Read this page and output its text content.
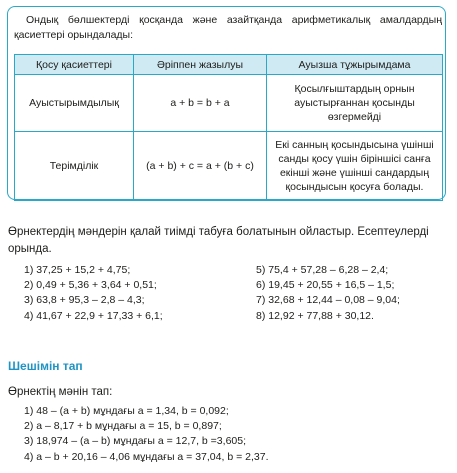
Ондық бөлшектерді қосқанда және азайтқанда арифметикалық амалдардың қасиеттері орындалады:
Қосу қасиеттері	Әріппен жазылуы	Ауызша тұжырымдама
Ауыстырымдылық	a + b = b + a	Қосылғыштардың орнын ауыстырғаннан қосынды өзгермейді
Терімділік	(a + b) + c = a + (b + c)	Екі санның қосындысына үшінші санды қосу үшін біріншісі санға екінші және үшінші сандардың қосындысын қосуға болады.
Өрнектердің мәндерін қалай тиімді табуға болатынын ойластыр. Есептеулерді орында.
1) 37,25 + 15,2 + 4,75;
2) 0,49 + 5,36 + 3,64 + 0,51;
3) 63,8 + 95,3 – 2,8 – 4,3;
4) 41,67 + 22,9 + 17,33 + 6,1;
5) 75,4 + 57,28 – 6,28 – 2,4;
6) 19,45 + 20,55 + 16,5 – 1,5;
7) 32,68 + 12,44 – 0,08 – 9,04;
8) 12,92 + 77,88 + 30,12.
Шешімін тап
Өрнектің мәнін тап:
1) 48 – (a + b) мұндағы a = 1,34, b = 0,092;
2) a – 8,17 + b мұндағы a = 15, b = 0,897;
3) 18,974 – (a – b) мұндағы a = 12,7, b =3,605;
4) a – b + 20,16 – 4,06 мұндағы a = 37,04, b = 2,37.
